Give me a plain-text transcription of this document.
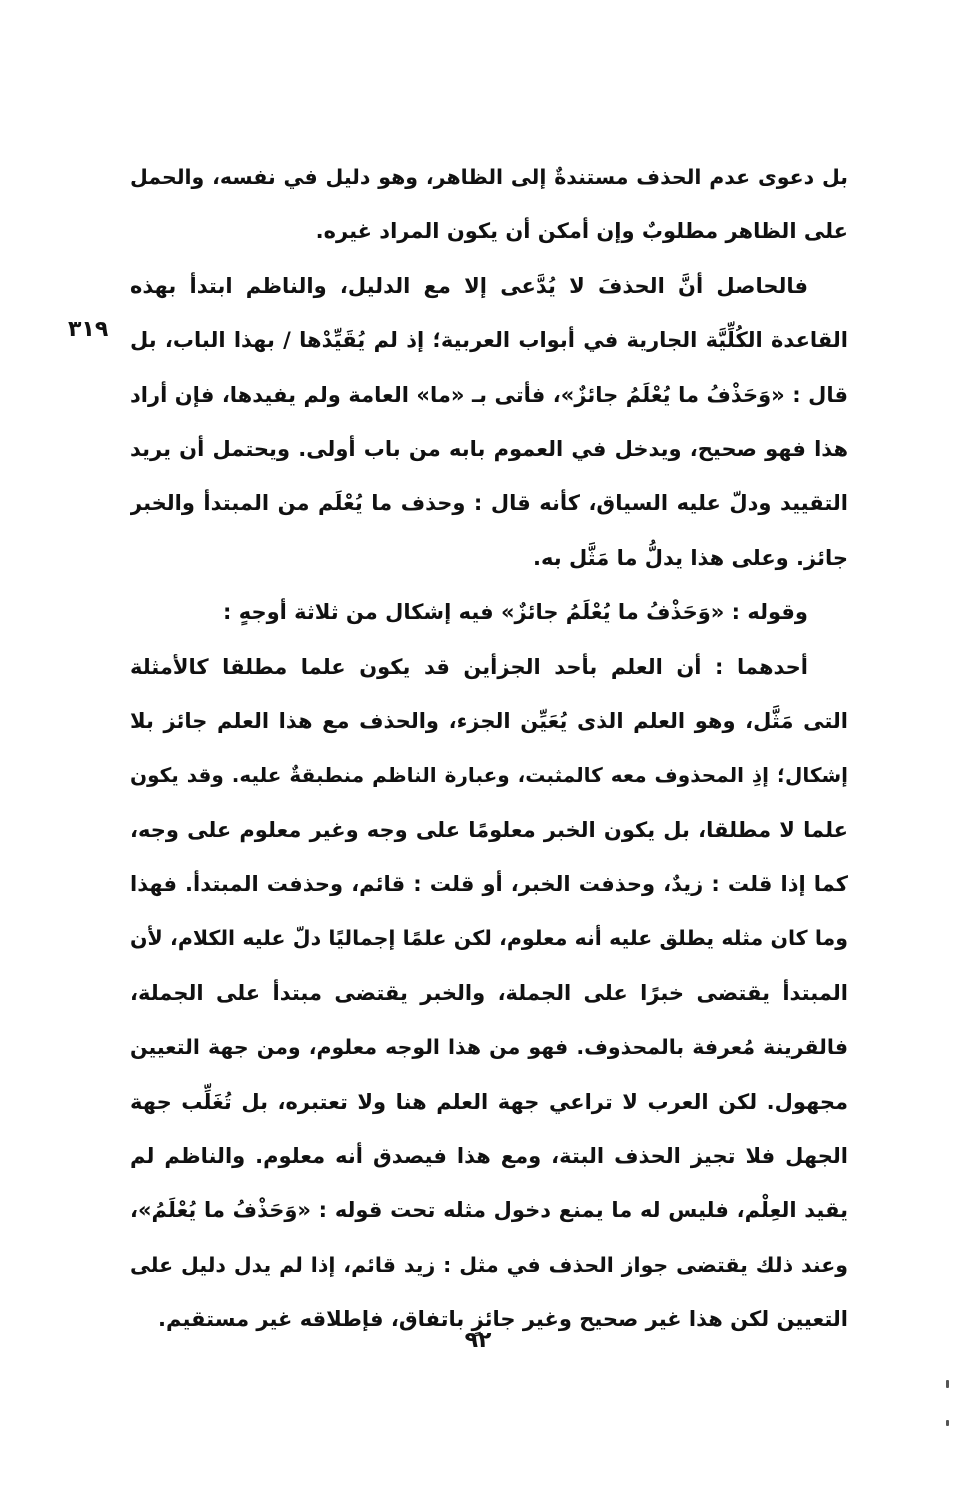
٣١٩
بل دعوى عدم الحذف مستندةٌ إلى الظاهر، وهو دليل في نفسه، والحمل
على الظاهر مطلوبٌ وإن أمكن أن يكون المراد غيره.
فالحاصل أنَّ الحذفَ لا يُدَّعى إلا مع الدليل، والناظم ابتدأ بهذه
القاعدة الكُلِّيَّة الجارية في أبواب العربية؛ إذ لم يُقَيِّدْها / بهذا الباب، بل
قال : «وَحَذْفُ ما يُعْلَمُ جائزٌ»، فأتى بـ «ما» العامة ولم يفيدها، فإن أراد
هذا فهو صحيح، ويدخل في العموم بابه من باب أولى. ويحتمل أن يريد
التقييد ودلّ عليه السياق، كأنه قال : وحذف ما يُعْلَم من المبتدأ والخبر
جائز. وعلى هذا يدلُّ ما مَثَّل به.
وقوله : «وَحَذْفُ ما يُعْلَمُ جائزٌ» فيه إشكال من ثلاثة أوجهٍ :
أحدهما : أن العلم بأحد الجزأين قد يكون علما مطلقا كالأمثلة
التى مَثَّل، وهو العلم الذى يُعَيِّن الجزء، والحذف مع هذا العلم جائز بلا
إشكال؛ إذِ المحذوف معه كالمثبت، وعبارة الناظم منطبقةٌ عليه. وقد يكون
علما لا مطلقا، بل يكون الخبر معلومًا على وجه وغير معلوم على وجه،
كما إذا قلت : زيدٌ، وحذفت الخبر، أو قلت : قائم، وحذفت المبتدأ. فهذا
وما كان مثله يطلق عليه أنه معلوم، لكن علمًا إجماليًا دلّ عليه الكلام، لأن
المبتدأ يقتضى خبرًا على الجملة، والخبر يقتضى مبتدأ على الجملة،
فالقرينة مُعرفة بالمحذوف. فهو من هذا الوجه معلوم، ومن جهة التعيين
مجهول. لكن العرب لا تراعي جهة العلم هنا ولا تعتبره، بل تُغَلِّب جهة
الجهل فلا تجيز الحذف البتة، ومع هذا فيصدق أنه معلوم. والناظم لم
يقيد العِلْم، فليس له ما يمنع دخول مثله تحت قوله : «وَحَذْفُ ما يُعْلَمُ»،
وعند ذلك يقتضى جواز الحذف في مثل : زيد قائم، إذا لم يدل دليل على
التعيين لكن هذا غير صحيح وغير جائزٍ باتفاق، فإطلاقه غير مستقيم.
٩٢
